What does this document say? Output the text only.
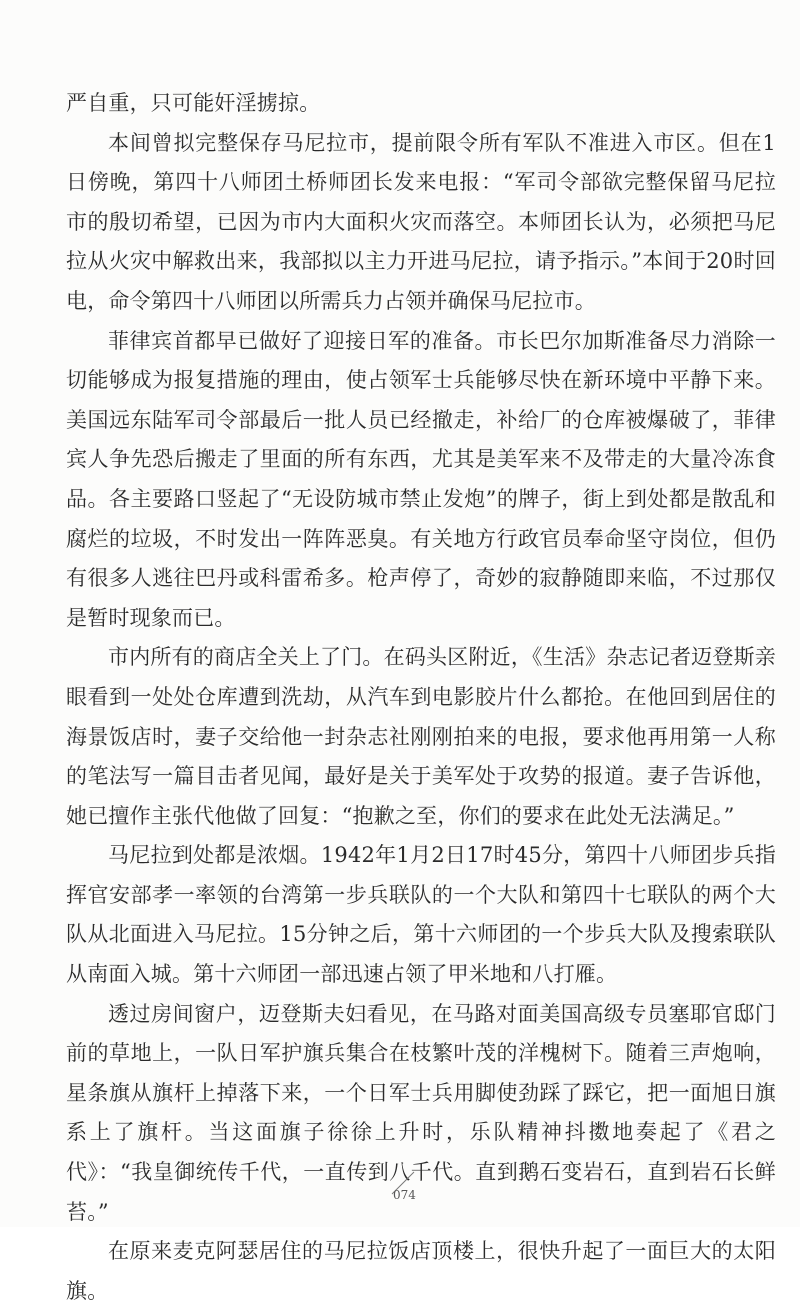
严自重，只可能奸淫掳掠。

本间曾拟完整保存马尼拉市，提前限令所有军队不准进入市区。但在1日傍晚，第四十八师团土桥师团长发来电报：“军司令部欲完整保留马尼拉市的殷切希望，已因为市内大面积火灾而落空。本师团长认为，必须把马尼拉从火灾中解救出来，我部拟以主力开进马尼拉，请予指示。”本间于20时回电，命令第四十八师团以所需兵力占领并确保马尼拉市。

菲律宾首都早已做好了迎接日军的准备。市长巴尔加斯准备尽力消除一切能够成为报复措施的理由，使占领军士兵能够尽快在新环境中平静下来。美国远东陆军司令部最后一批人员已经撤走，补给厂的仓库被爆破了，菲律宾人争先恐后搬走了里面的所有东西，尤其是美军来不及带走的大量冷冻食品。各主要路口竖起了“无设防城市禁止发炮”的牌子，街上到处都是散乱和腐烂的垃圾，不时发出一阵阵恶臭。有关地方行政官员奉命坚守岗位，但仍有很多人逃往巴丹或科雷希多。枪声停了，奇妙的寂静随即来临，不过那仅是暂时现象而已。

市内所有的商店全关上了门。在码头区附近，《生活》杂志记者迈登斯亲眼看到一处处仓库遭到洗劫，从汽车到电影胶片什么都抢。在他回到居住的海景饭店时，妻子交给他一封杂志社刚刚拍来的电报，要求他再用第一人称的笔法写一篇目击者见闻，最好是关于美军处于攻势的报道。妻子告诉他，她已擅作主张代他做了回复：“抱歉之至，你们的要求在此处无法满足。”

马尼拉到处都是浓烟。1942年1月2日17时45分，第四十八师团步兵指挥官安部孝一率领的台湾第一步兵联队的一个大队和第四十七联队的两个大队从北面进入马尼拉。15分钟之后，第十六师团的一个步兵大队及搜索联队从南面入城。第十六师团一部迅速占领了甲米地和八打雁。

透过房间窗户，迈登斯夫妇看见，在马路对面美国高级专员塞耶官邸门前的草地上，一队日军护旗兵集合在枝繁叶茂的洋槐树下。随着三声炮响，星条旗从旗杆上掉落下来，一个日军士兵用脚使劲踩了踩它，把一面旭日旗系上了旗杆。当这面旗子徐徐上升时，乐队精神抖擞地奏起了《君之代》：“我皇御统传千代，一直传到八千代。直到鹅石变岩石，直到岩石长鲜苔。”

在原来麦克阿瑟居住的马尼拉饭店顶楼上，很快升起了一面巨大的太阳旗。

074
